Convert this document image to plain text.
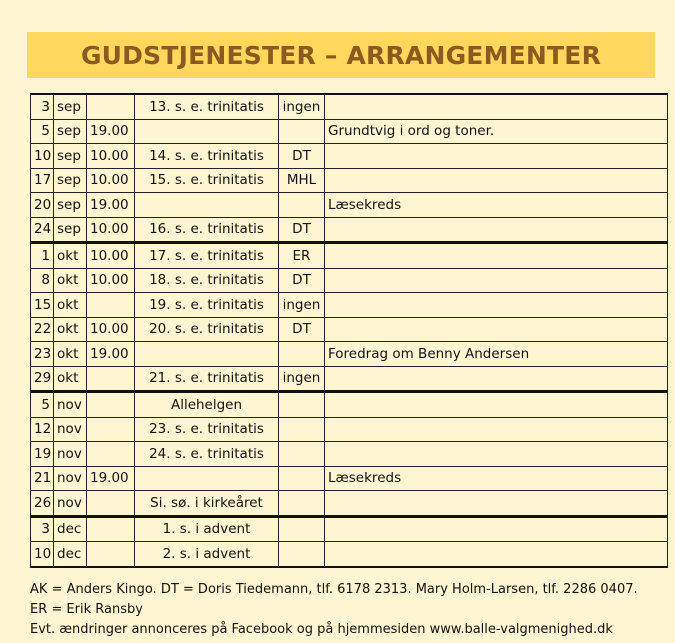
GUDSTJENESTER – ARRANGEMENTER
3	sep		13. s. e. trinitatis	ingen	
5	sep	19.00			Grundtvig i ord og toner.
10	sep	10.00	14. s. e. trinitatis	DT	
17	sep	10.00	15. s. e. trinitatis	MHL	
20	sep	19.00			Læsekreds
24	sep	10.00	16. s. e. trinitatis	DT	
1	okt	10.00	17. s. e. trinitatis	ER	
8	okt	10.00	18. s. e. trinitatis	DT	
15	okt		19. s. e. trinitatis	ingen	
22	okt	10.00	20. s. e. trinitatis	DT	
23	okt	19.00			Foredrag om Benny Andersen
29	okt		21. s. e. trinitatis	ingen	
5	nov		Allehelgen		
12	nov		23. s. e. trinitatis		
19	nov		24. s. e. trinitatis		
21	nov	19.00			Læsekreds
26	nov		Si. sø. i kirkeåret		
3	dec		1. s. i advent		
10	dec		2. s. i advent		
AK = Anders Kingo. DT = Doris Tiedemann, tlf. 6178 2313. Mary Holm-Larsen, tlf. 2286 0407.
ER = Erik Ransby
Evt. ændringer annonceres på Facebook og på hjemmesiden www.balle-valgmenighed.dk
